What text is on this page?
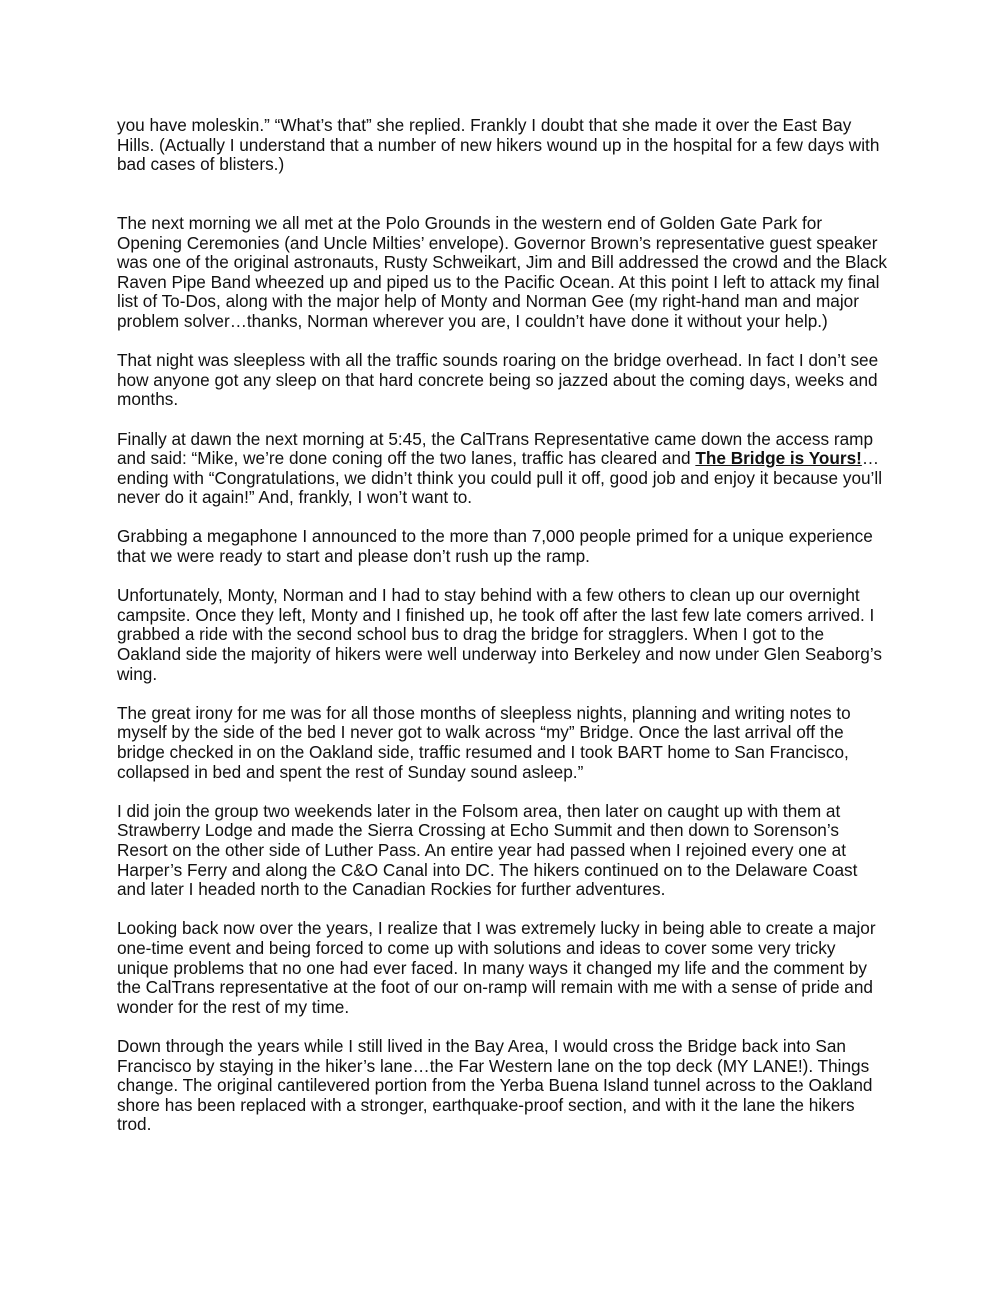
you have moleskin.” “What’s that” she replied. Frankly I doubt that she made it over the East Bay Hills. (Actually I understand that a number of new hikers wound up in the hospital for a few days with bad cases of blisters.)

The next morning we all met at the Polo Grounds in the western end of Golden Gate Park for Opening Ceremonies (and Uncle Milties’ envelope). Governor Brown’s representative guest speaker was one of the original astronauts, Rusty Schweikart, Jim and Bill addressed the crowd and the Black Raven Pipe Band wheezed up and piped us to the Pacific Ocean. At this point I left to attack my final list of To-Dos, along with the major help of Monty and Norman Gee (my right-hand man and major problem solver…thanks, Norman wherever you are, I couldn’t have done it without your help.)

That night was sleepless with all the traffic sounds roaring on the bridge overhead. In fact I don’t see how anyone got any sleep on that hard concrete being so jazzed about the coming days, weeks and months.

Finally at dawn the next morning at 5:45, the CalTrans Representative came down the access ramp and said: “Mike, we’re done coning off the two lanes, traffic has cleared and The Bridge is Yours!…ending with “Congratulations, we didn’t think you could pull it off, good job and enjoy it because you’ll never do it again!” And, frankly, I won’t want to.

Grabbing a megaphone I announced to the more than 7,000 people primed for a unique experience that we were ready to start and please don’t rush up the ramp.

Unfortunately, Monty, Norman and I had to stay behind with a few others to clean up our overnight campsite. Once they left, Monty and I finished up, he took off after the last few late comers arrived. I grabbed a ride with the second school bus to drag the bridge for stragglers. When I got to the Oakland side the majority of hikers were well underway into Berkeley and now under Glen Seaborg’s wing.

The great irony for me was for all those months of sleepless nights, planning and writing notes to myself by the side of the bed I never got to walk across “my” Bridge. Once the last arrival off the bridge checked in on the Oakland side, traffic resumed and I took BART home to San Francisco, collapsed in bed and spent the rest of Sunday sound asleep.”

I did join the group two weekends later in the Folsom area, then later on caught up with them at Strawberry Lodge and made the Sierra Crossing at Echo Summit and then down to Sorenson’s Resort on the other side of Luther Pass. An entire year had passed when I rejoined every one at Harper’s Ferry and along the C&O Canal into DC. The hikers continued on to the Delaware Coast and later I headed north to the Canadian Rockies for further adventures.

Looking back now over the years, I realize that I was extremely lucky in being able to create a major one-time event and being forced to come up with solutions and ideas to cover some very tricky unique problems that no one had ever faced. In many ways it changed my life and the comment by the CalTrans representative at the foot of our on-ramp will remain with me with a sense of pride and wonder for the rest of my time.

Down through the years while I still lived in the Bay Area, I would cross the Bridge back into San Francisco by staying in the hiker’s lane…the Far Western lane on the top deck (MY LANE!). Things change. The original cantilevered portion from the Yerba Buena Island tunnel across to the Oakland shore has been replaced with a stronger, earthquake-proof section, and with it the lane the hikers trod.
